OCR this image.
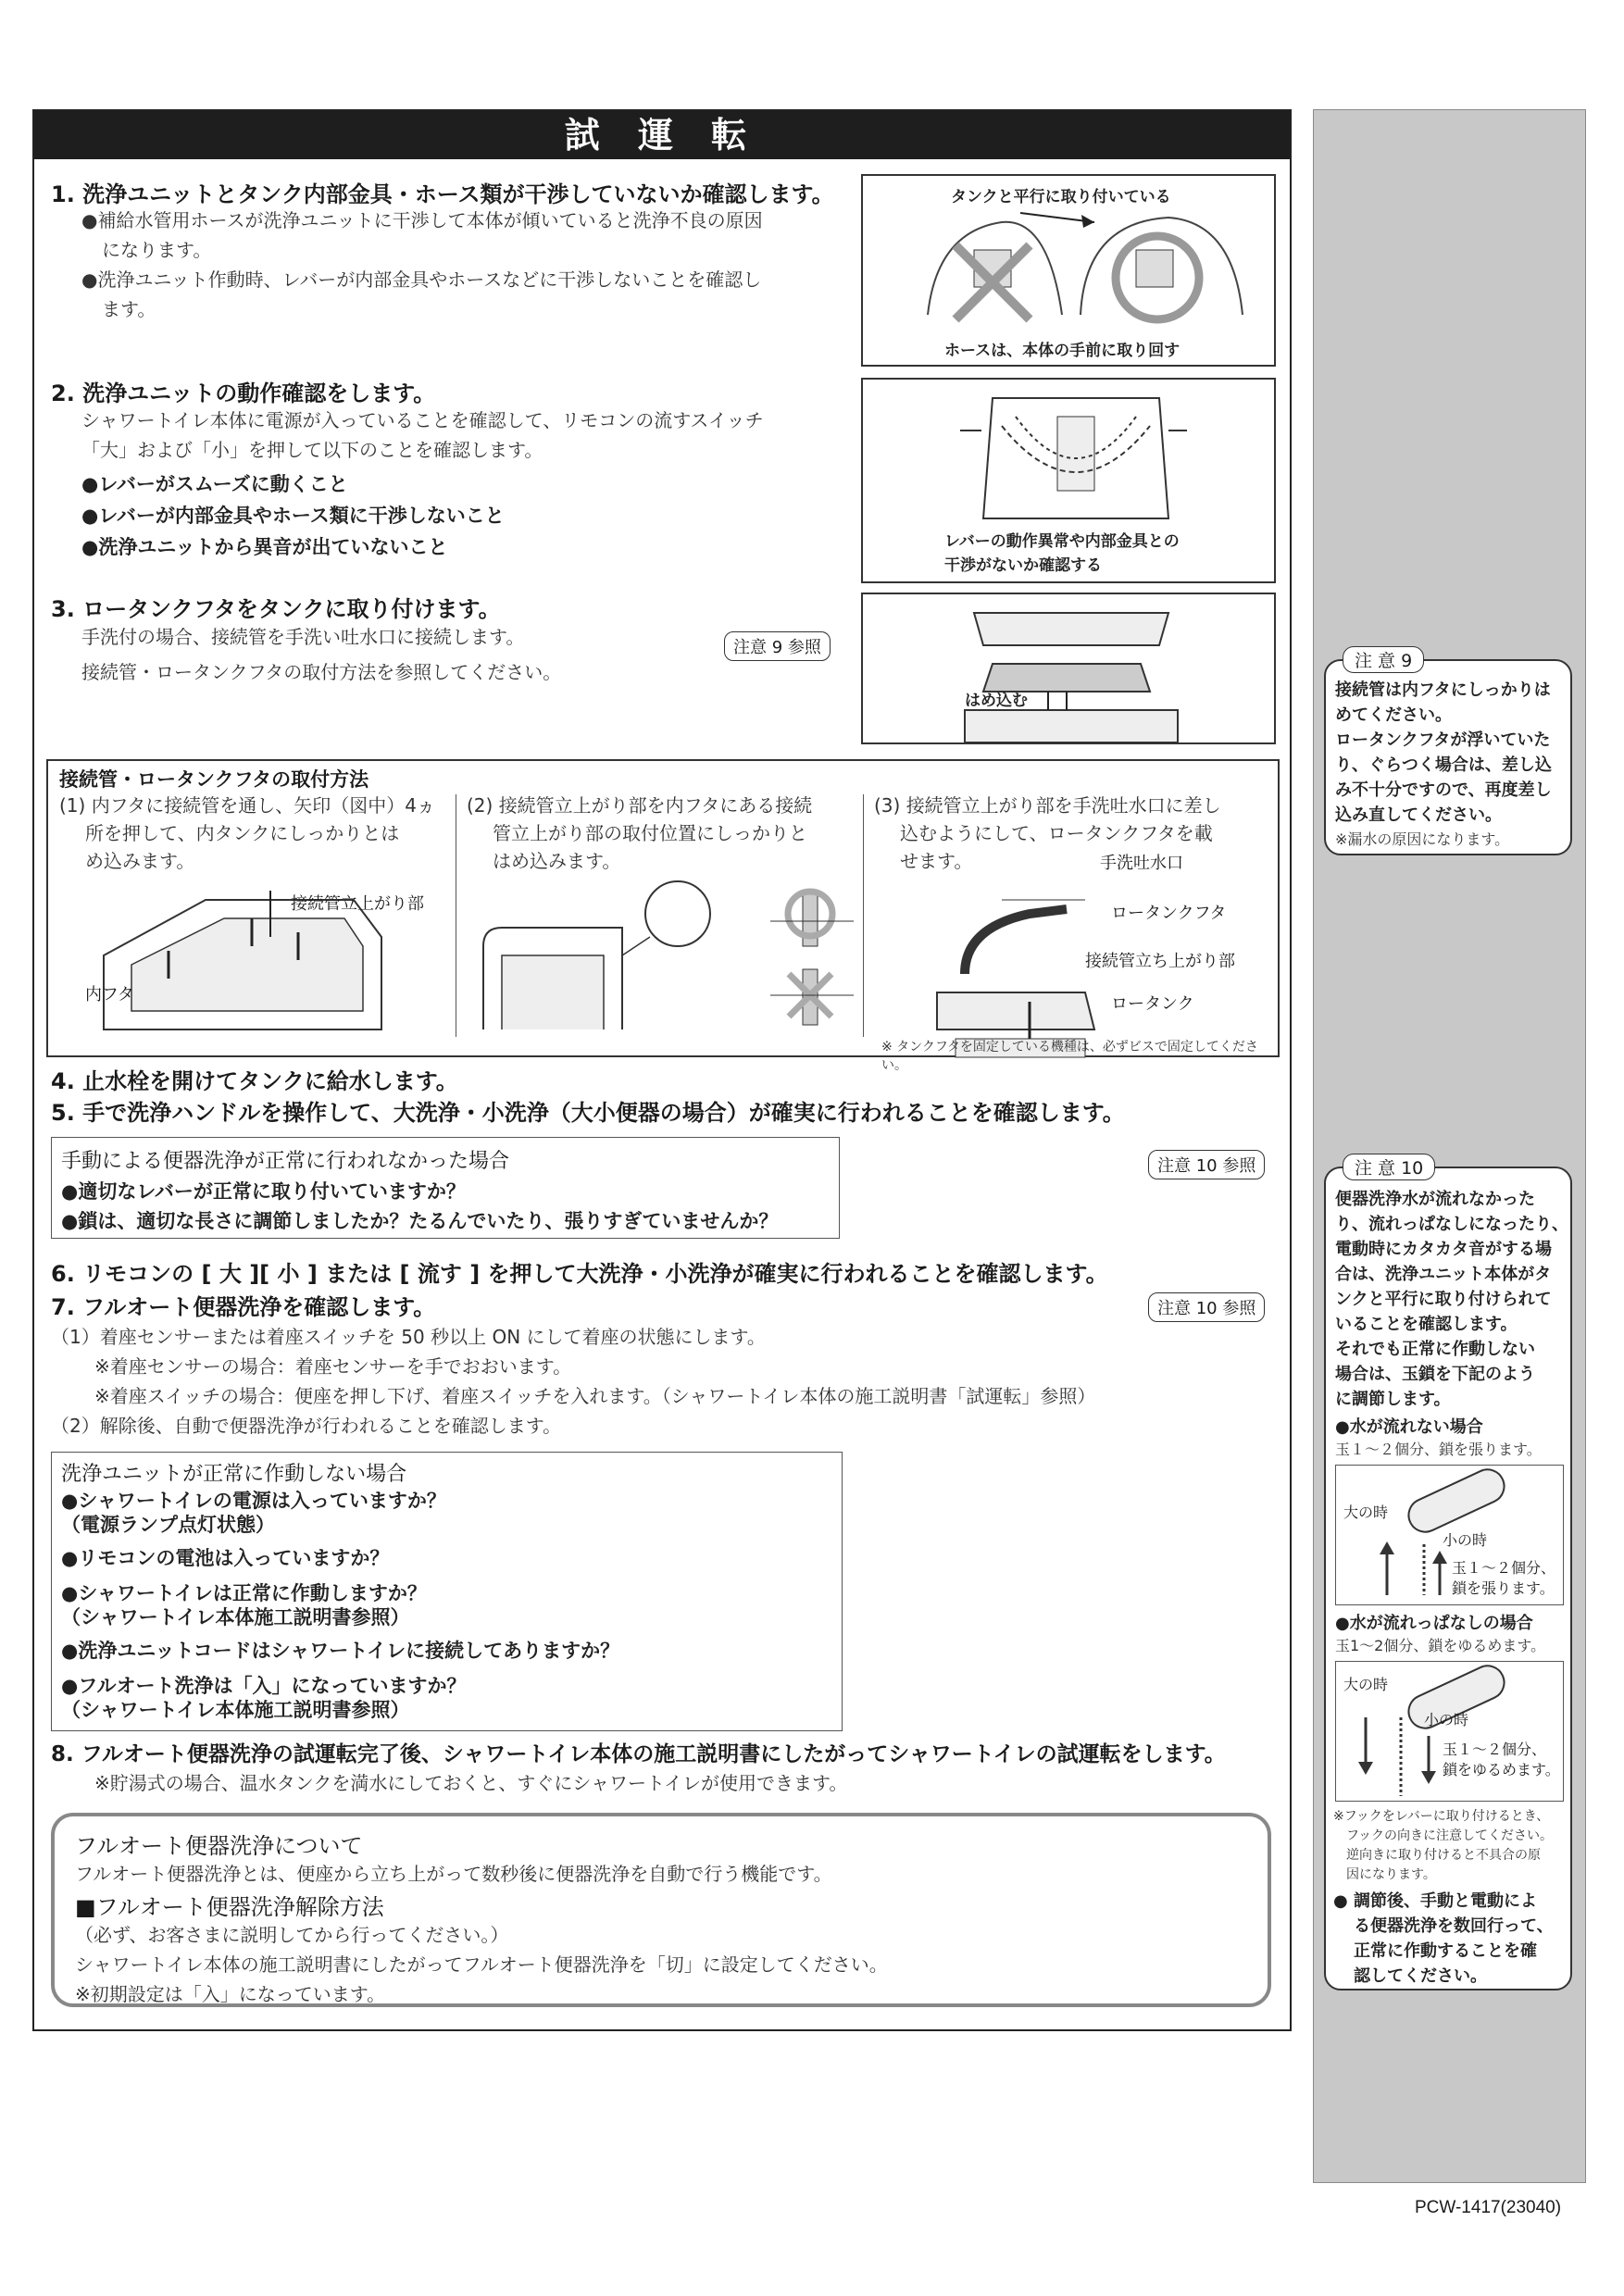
試 運 転
1. 洗浄ユニットとタンク内部金具・ホース類が干渉していないか確認します。
●補給水管用ホースが洗浄ユニットに干渉して本体が傾いていると洗浄不良の原因
になります。
●洗浄ユニット作動時、レバーが内部金具やホースなどに干渉しないことを確認し
ます。
タンクと平行に取り付いている
ホースは、本体の手前に取り回す
2. 洗浄ユニットの動作確認をします。
シャワートイレ本体に電源が入っていることを確認して、リモコンの流すスイッチ
「大」および「小」を押して以下のことを確認します。
●レバーがスムーズに動くこと
●レバーが内部金具やホース類に干渉しないこと
●洗浄ユニットから異音が出ていないこと	レバーの動作異常や内部金具との
干渉がないか確認する
3. ロータンクフタをタンクに取り付けます。
手洗付の場合、接続管を手洗い吐水口に接続します。
接続管・ロータンクフタの取付方法を参照してください。
注意 9 参照
はめ込む
接続管・ロータンクフタの取付方法
(1) 内フタに接続管を通し、矢印（図中）4ヵ
所を押して、内タンクにしっかりとは
め込みます。
(2) 接続管立上がり部を内フタにある接続
管立上がり部の取付位置にしっかりと
はめ込みます。
(3) 接続管立上がり部を手洗吐水口に差し
込むようにして、ロータンクフタを載
せます。
接続管立上がり部
内フタ
手洗吐水口
ロータンクフタ
接続管立ち上がり部
ロータンク
※ タンクフタを固定している機種は、必ずビスで固定してください。
4. 止水栓を開けてタンクに給水します。
5. 手で洗浄ハンドルを操作して、大洗浄・小洗浄（大小便器の場合）が確実に行われることを確認します。
手動による便器洗浄が正常に行われなかった場合
●適切なレバーが正常に取り付いていますか？
●鎖は、適切な長さに調節しましたか？たるんでいたり、張りすぎていませんか？
注意 10 参照
6. リモコンの [ 大 ][ 小 ] または [ 流す ] を押して大洗浄・小洗浄が確実に行われることを確認します。
7. フルオート便器洗浄を確認します。	注意 10 参照
（1）着座センサーまたは着座スイッチを 50 秒以上 ON にして着座の状態にします。
※着座センサーの場合：着座センサーを手でおおいます。
※着座スイッチの場合：便座を押し下げ、着座スイッチを入れます。（シャワートイレ本体の施工説明書「試運転」参照）
（2）解除後、自動で便器洗浄が行われることを確認します。
洗浄ユニットが正常に作動しない場合
●シャワートイレの電源は入っていますか？
（電源ランプ点灯状態）
●リモコンの電池は入っていますか？
●シャワートイレは正常に作動しますか？
（シャワートイレ本体施工説明書参照）
●洗浄ユニットコードはシャワートイレに接続してありますか？
●フルオート洗浄は「入」になっていますか？
（シャワートイレ本体施工説明書参照）
8. フルオート便器洗浄の試運転完了後、シャワートイレ本体の施工説明書にしたがってシャワートイレの試運転をします。
※貯湯式の場合、温水タンクを満水にしておくと、すぐにシャワートイレが使用できます。
フルオート便器洗浄について
フルオート便器洗浄とは、便座から立ち上がって数秒後に便器洗浄を自動で行う機能です。
■フルオート便器洗浄解除方法
（必ず、お客さまに説明してから行ってください。）
シャワートイレ本体の施工説明書にしたがってフルオート便器洗浄を「切」に設定してください。
※初期設定は「入」になっています。
注 意 9
接続管は内フタにしっかりは
めてください。
ロータンクフタが浮いていた
り、ぐらつく場合は、差し込
み不十分ですので、再度差し
込み直してください。
※漏水の原因になります。
注 意 10
便器洗浄水が流れなかった
り、流れっぱなしになったり、
電動時にカタカタ音がする場
合は、洗浄ユニット本体がタ
ンクと平行に取り付けられて
いることを確認します。
それでも正常に作動しない
場合は、玉鎖を下記のよう
に調節します。
●水が流れない場合
玉１～２個分、鎖を張ります。
大の時
小の時
玉１～２個分、
鎖を張ります。
●水が流れっぱなしの場合
玉1～2個分、鎖をゆるめます。
大の時
小の時
玉１～２個分、
鎖をゆるめます。
※フックをレバーに取り付けるとき、
フックの向きに注意してください。
逆向きに取り付けると不具合の原
因になります。
● 調節後、手動と電動によ
る便器洗浄を数回行って、
正常に作動することを確
認してください。
PCW-1417(23040)
